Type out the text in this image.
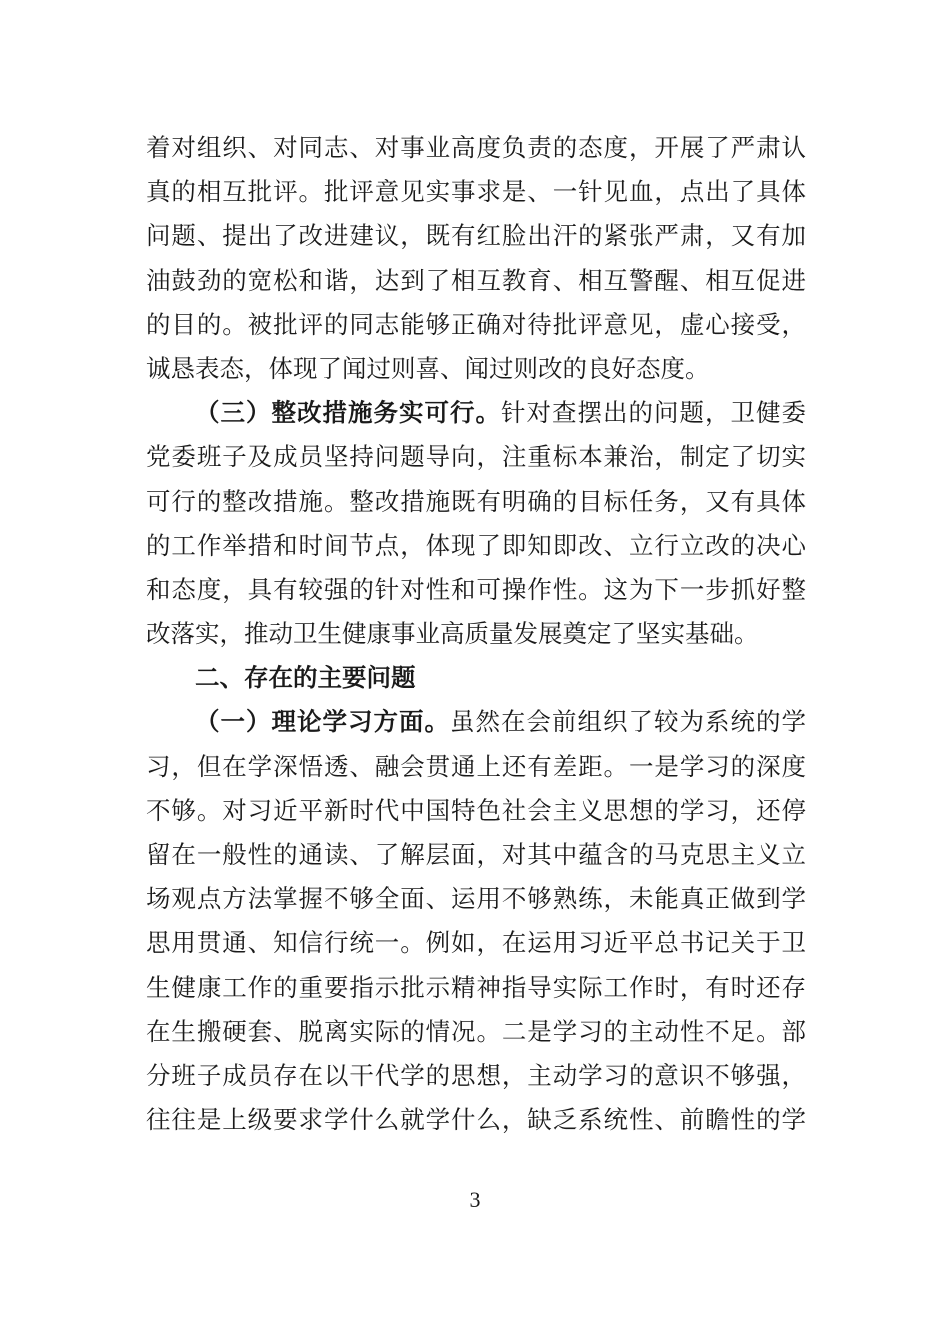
着对组织、对同志、对事业高度负责的态度，开展了严肃认
真的相互批评。批评意见实事求是、一针见血，点出了具体
问题、提出了改进建议，既有红脸出汗的紧张严肃，又有加
油鼓劲的宽松和谐，达到了相互教育、相互警醒、相互促进
的目的。被批评的同志能够正确对待批评意见，虚心接受，
诚恳表态，体现了闻过则喜、闻过则改的良好态度。
（三）整改措施务实可行。针对查摆出的问题，卫健委
党委班子及成员坚持问题导向，注重标本兼治，制定了切实
可行的整改措施。整改措施既有明确的目标任务，又有具体
的工作举措和时间节点，体现了即知即改、立行立改的决心
和态度，具有较强的针对性和可操作性。这为下一步抓好整
改落实，推动卫生健康事业高质量发展奠定了坚实基础。
二、存在的主要问题
（一）理论学习方面。虽然在会前组织了较为系统的学
习，但在学深悟透、融会贯通上还有差距。一是学习的深度
不够。对习近平新时代中国特色社会主义思想的学习，还停
留在一般性的通读、了解层面，对其中蕴含的马克思主义立
场观点方法掌握不够全面、运用不够熟练，未能真正做到学
思用贯通、知信行统一。例如，在运用习近平总书记关于卫
生健康工作的重要指示批示精神指导实际工作时，有时还存
在生搬硬套、脱离实际的情况。二是学习的主动性不足。部
分班子成员存在以干代学的思想，主动学习的意识不够强，
往往是上级要求学什么就学什么，缺乏系统性、前瞻性的学
3
